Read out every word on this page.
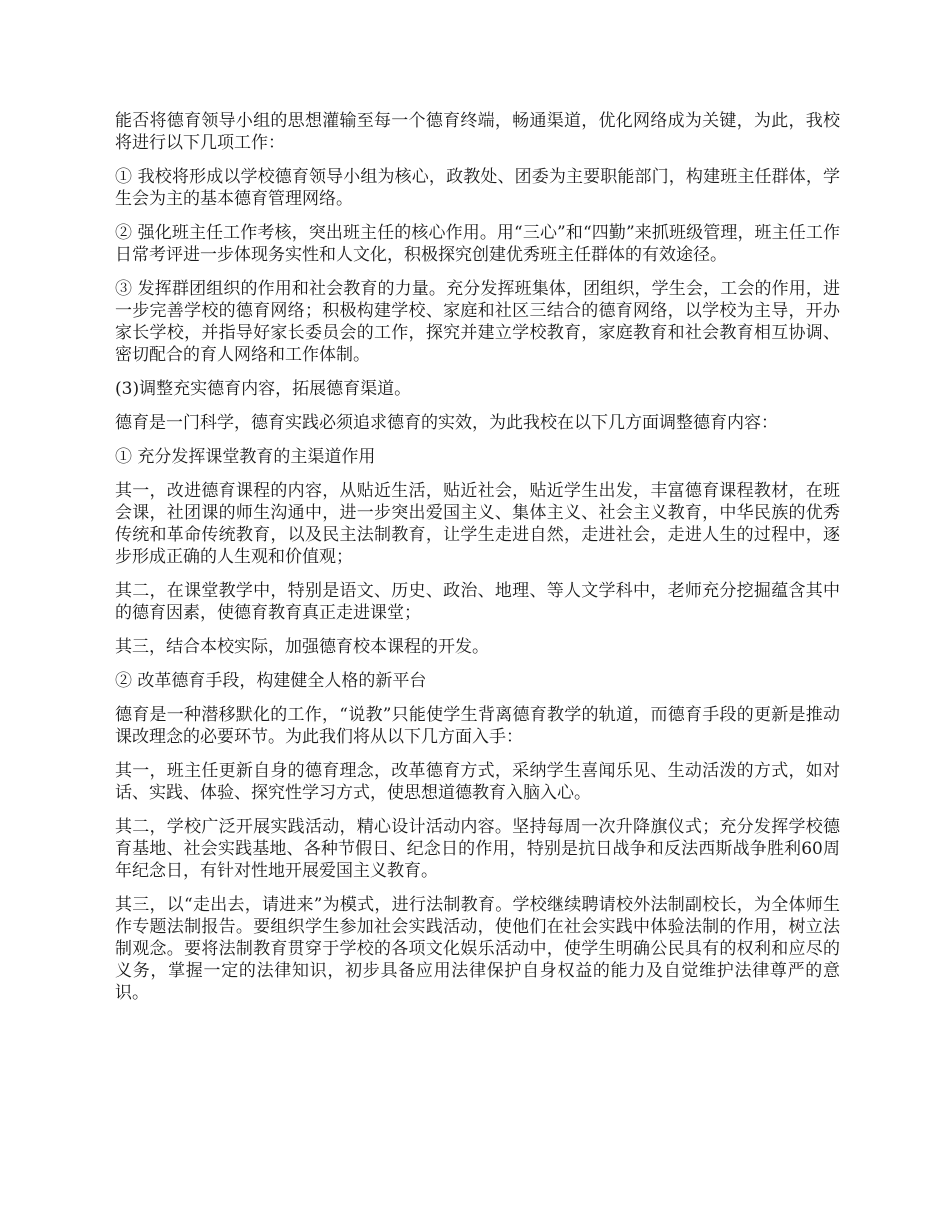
能否将德育领导小组的思想灌输至每一个德育终端，畅通渠道，优化网络成为关键，为此，我校将进行以下几项工作：

① 我校将形成以学校德育领导小组为核心，政教处、团委为主要职能部门，构建班主任群体，学生会为主的基本德育管理网络。

② 强化班主任工作考核，突出班主任的核心作用。用“三心”和“四勤”来抓班级管理，班主任工作日常考评进一步体现务实性和人文化，积极探究创建优秀班主任群体的有效途径。

③ 发挥群团组织的作用和社会教育的力量。充分发挥班集体，团组织，学生会，工会的作用，进一步完善学校的德育网络；积极构建学校、家庭和社区三结合的德育网络，以学校为主导，开办家长学校，并指导好家长委员会的工作，探究并建立学校教育，家庭教育和社会教育相互协调、密切配合的育人网络和工作体制。

(3)调整充实德育内容，拓展德育渠道。

德育是一门科学，德育实践必须追求德育的实效，为此我校在以下几方面调整德育内容：

① 充分发挥课堂教育的主渠道作用

其一，改进德育课程的内容，从贴近生活，贴近社会，贴近学生出发，丰富德育课程教材，在班会课，社团课的师生沟通中，进一步突出爱国主义、集体主义、社会主义教育，中华民族的优秀传统和革命传统教育，以及民主法制教育，让学生走进自然，走进社会，走进人生的过程中，逐步形成正确的人生观和价值观；

其二，在课堂教学中，特别是语文、历史、政治、地理、等人文学科中，老师充分挖掘蕴含其中的德育因素，使德育教育真正走进课堂；

其三，结合本校实际，加强德育校本课程的开发。

② 改革德育手段，构建健全人格的新平台

德育是一种潜移默化的工作，“说教”只能使学生背离德育教学的轨道，而德育手段的更新是推动课改理念的必要环节。为此我们将从以下几方面入手：

其一，班主任更新自身的德育理念，改革德育方式，采纳学生喜闻乐见、生动活泼的方式，如对话、实践、体验、探究性学习方式，使思想道德教育入脑入心。

其二，学校广泛开展实践活动，精心设计活动内容。坚持每周一次升降旗仪式；充分发挥学校德育基地、社会实践基地、各种节假日、纪念日的作用，特别是抗日战争和反法西斯战争胜利60周年纪念日，有针对性地开展爱国主义教育。

其三，以“走出去，请进来”为模式，进行法制教育。学校继续聘请校外法制副校长，为全体师生作专题法制报告。要组织学生参加社会实践活动，使他们在社会实践中体验法制的作用，树立法制观念。要将法制教育贯穿于学校的各项文化娱乐活动中，使学生明确公民具有的权利和应尽的义务，掌握一定的法律知识，初步具备应用法律保护自身权益的能力及自觉维护法律尊严的意识。
